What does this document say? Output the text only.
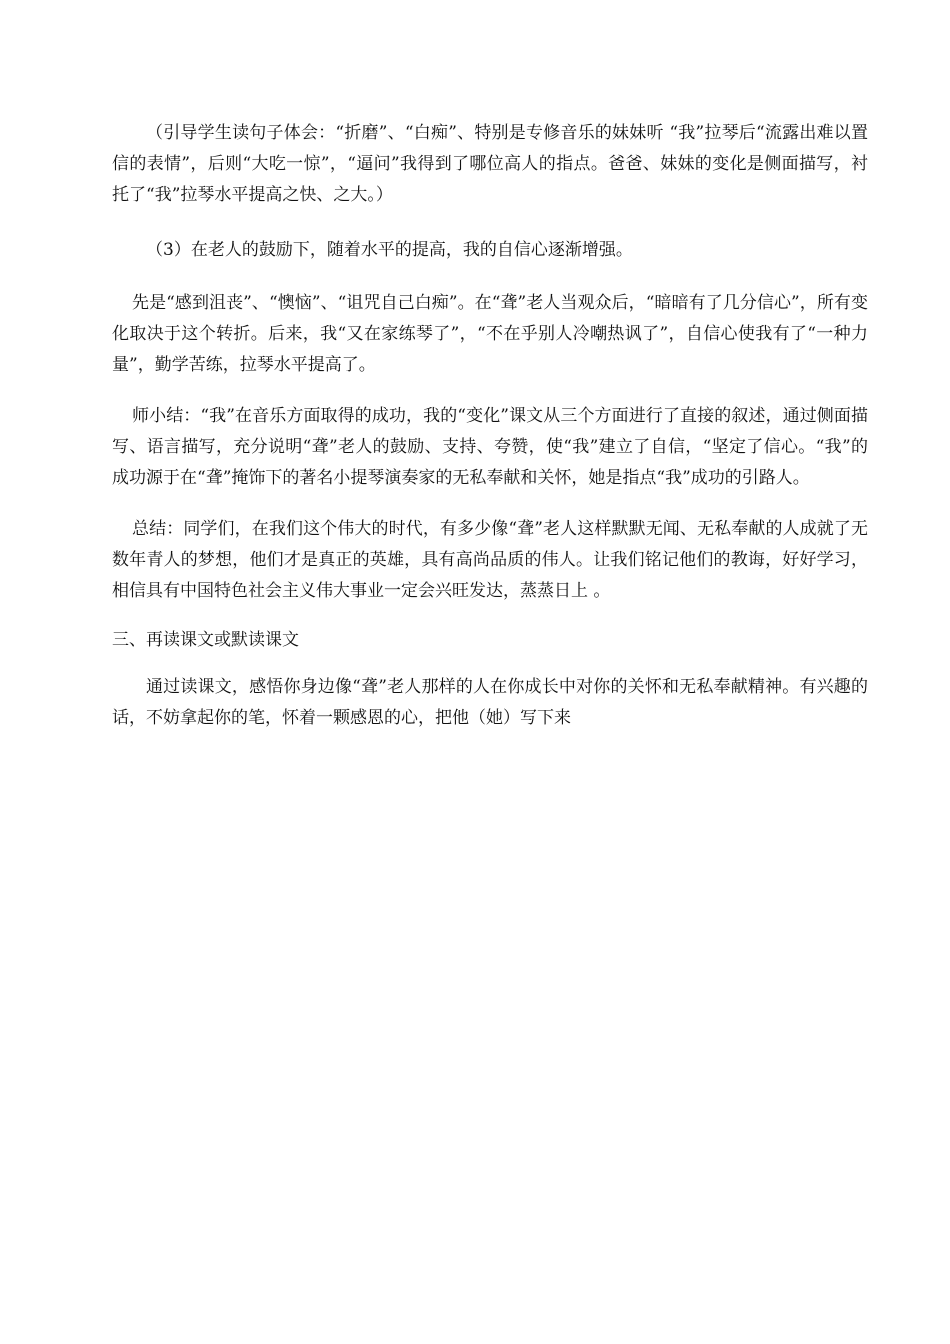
（引导学生读句子体会：“折磨”、“白痴”、特别是专修音乐的妹妹听 “我”拉琴后“流露出难以置信的表情”，后则“大吃一惊”，“逼问”我得到了哪位高人的指点。爸爸、妹妹的变化是侧面描写，衬托了“我”拉琴水平提高之快、之大。）

（3）在老人的鼓励下，随着水平的提高，我的自信心逐渐增强。

先是“感到沮丧”、“懊恼”、“诅咒自己白痴”。在“聋”老人当观众后，“暗暗有了几分信心”，所有变化取决于这个转折。后来，我“又在家练琴了”，“不在乎别人冷嘲热讽了”，自信心使我有了“一种力量”，勤学苦练，拉琴水平提高了。

师小结：“我”在音乐方面取得的成功，我的“变化”课文从三个方面进行了直接的叙述，通过侧面描写、语言描写，充分说明“聋”老人的鼓励、支持、夸赞，使“我”建立了自信，“坚定了信心。“我”的成功源于在“聋”掩饰下的著名小提琴演奏家的无私奉献和关怀，她是指点“我”成功的引路人。

总结：同学们，在我们这个伟大的时代，有多少像“聋”老人这样默默无闻、无私奉献的人成就了无数年青人的梦想，他们才是真正的英雄，具有高尚品质的伟人。让我们铭记他们的教诲，好好学习，相信具有中国特色社会主义伟大事业一定会兴旺发达，蒸蒸日上 。

三、再读课文或默读课文

通过读课文，感悟你身边像“聋”老人那样的人在你成长中对你的关怀和无私奉献精神。有兴趣的话，不妨拿起你的笔，怀着一颗感恩的心，把他（她）写下来
